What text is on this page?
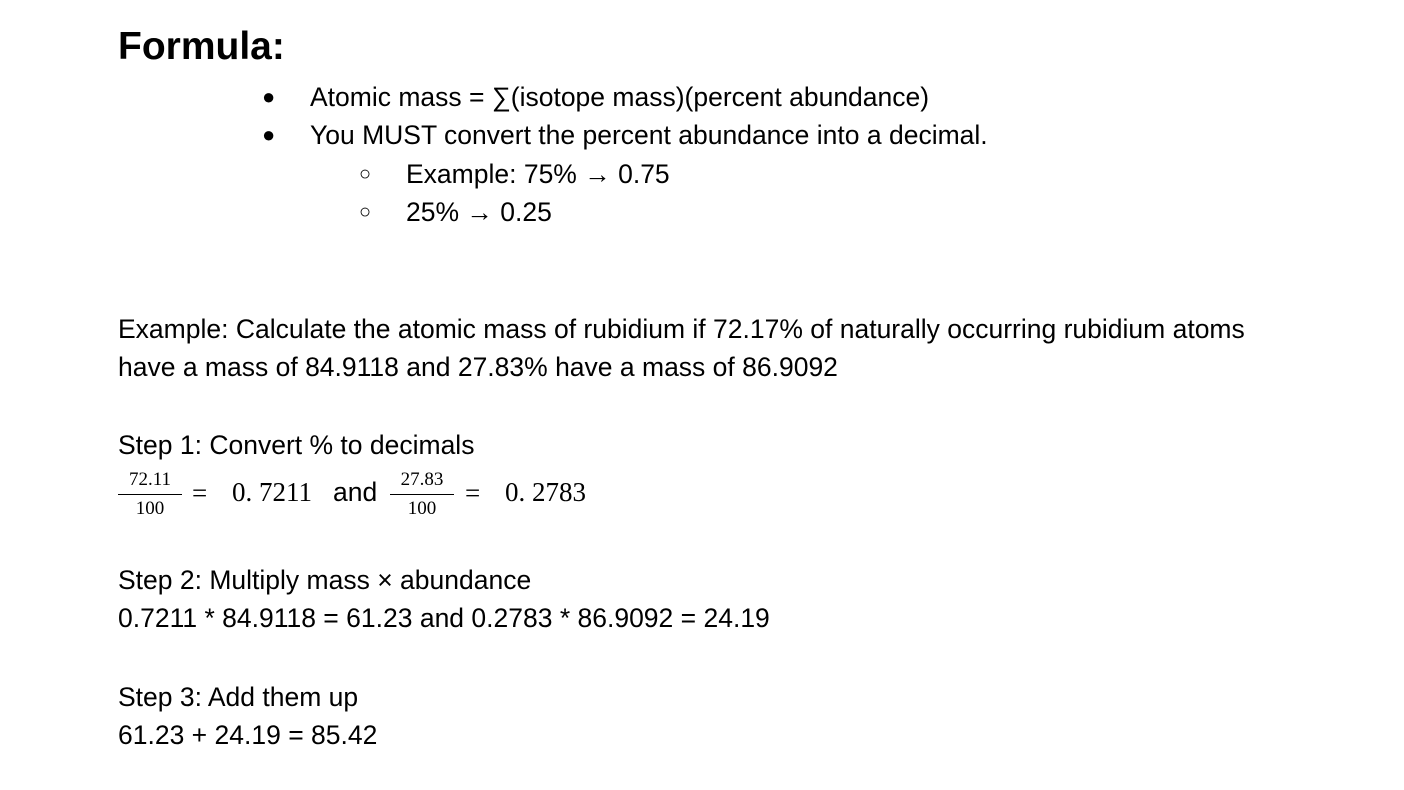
Formula:
● Atomic mass = ∑(isotope mass)(percent abundance)
● You MUST convert the percent abundance into a decimal.
○ Example: 75% → 0.75
○ 25% → 0.25
Example: Calculate the atomic mass of rubidium if 72.17% of naturally occurring rubidium atoms
have a mass of 84.9118 and 27.83% have a mass of 86.9092
Step 1: Convert % to decimals
72.11
100
= 0. 7211 and	27.83
100
= 0. 2783
Step 2: Multiply mass × abundance
0.7211 * 84.9118 = 61.23 and 0.2783 * 86.9092 = 24.19
Step 3: Add them up
61.23 + 24.19 = 85.42
